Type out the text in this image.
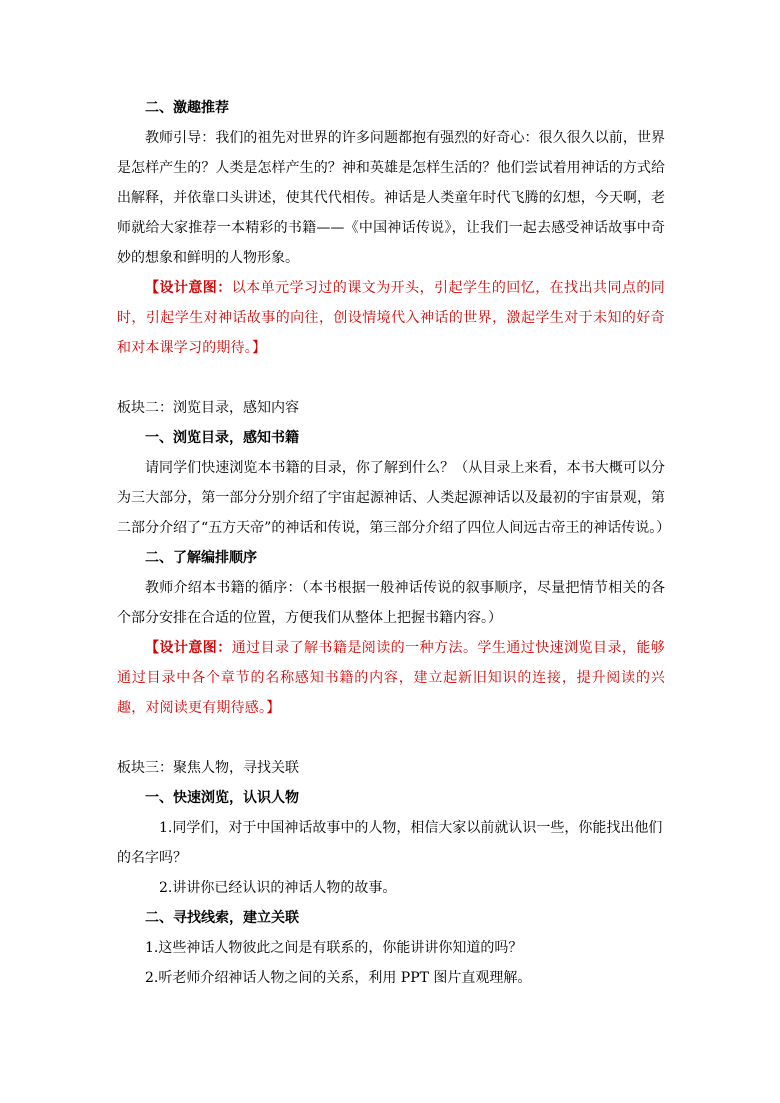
二、激趣推荐

教师引导：我们的祖先对世界的许多问题都抱有强烈的好奇心：很久很久以前，世界是怎样产生的？人类是怎样产生的？神和英雄是怎样生活的？他们尝试着用神话的方式给出解释，并依靠口头讲述，使其代代相传。神话是人类童年时代飞腾的幻想，今天啊，老师就给大家推荐一本精彩的书籍——《中国神话传说》，让我们一起去感受神话故事中奇妙的想象和鲜明的人物形象。

【设计意图：以本单元学习过的课文为开头，引起学生的回忆，在找出共同点的同时，引起学生对神话故事的向往，创设情境代入神话的世界，激起学生对于未知的好奇和对本课学习的期待。】

板块二：浏览目录，感知内容

一、浏览目录，感知书籍

请同学们快速浏览本书籍的目录，你了解到什么？（从目录上来看，本书大概可以分为三大部分，第一部分分别介绍了宇宙起源神话、人类起源神话以及最初的宇宙景观，第二部分介绍了“五方天帝”的神话和传说，第三部分介绍了四位人间远古帝王的神话传说。）

二、了解编排顺序

教师介绍本书籍的循序：（本书根据一般神话传说的叙事顺序，尽量把情节相关的各个部分安排在合适的位置，方便我们从整体上把握书籍内容。）

【设计意图：通过目录了解书籍是阅读的一种方法。学生通过快速浏览目录，能够通过目录中各个章节的名称感知书籍的内容，建立起新旧知识的连接，提升阅读的兴趣，对阅读更有期待感。】

板块三：聚焦人物，寻找关联

一、快速浏览，认识人物

1.同学们，对于中国神话故事中的人物，相信大家以前就认识一些，你能找出他们的名字吗？

2.讲讲你已经认识的神话人物的故事。

二、寻找线索，建立关联

1.这些神话人物彼此之间是有联系的，你能讲讲你知道的吗？

2.听老师介绍神话人物之间的关系，利用 PPT 图片直观理解。
